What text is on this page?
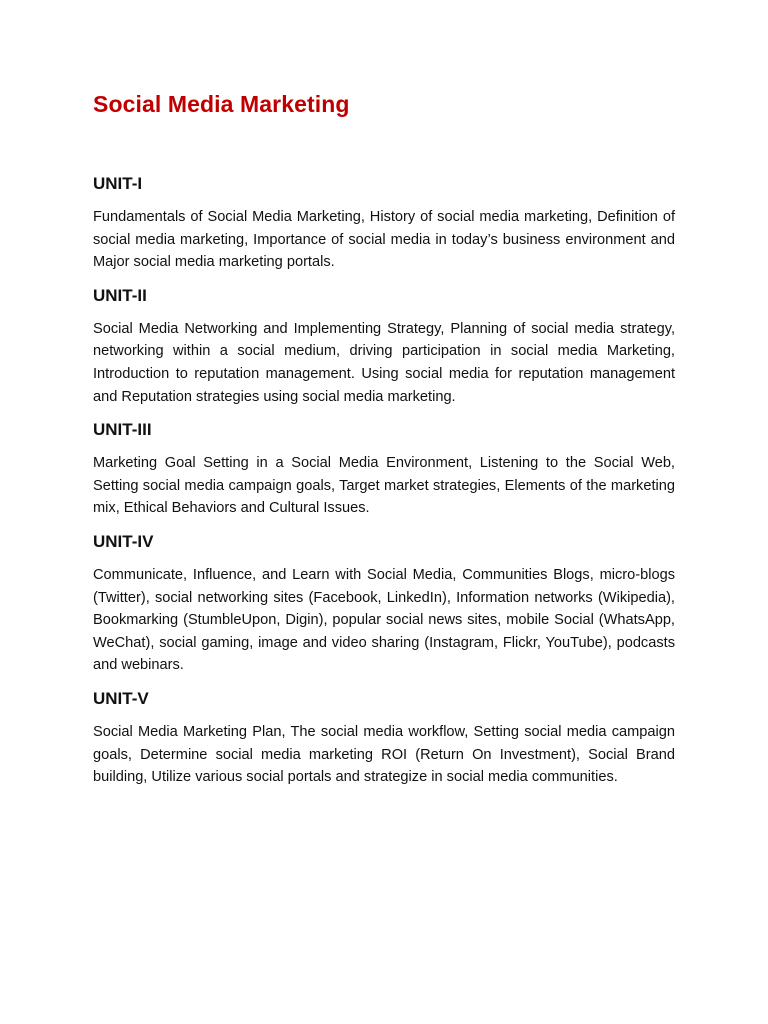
Social Media Marketing
UNIT-I

Fundamentals of Social Media Marketing, History of social media marketing, Definition of social media marketing, Importance of social media in today’s business environment and Major social media marketing portals.

UNIT-II

Social Media Networking and Implementing Strategy, Planning of social media strategy, networking within a social medium, driving participation in social media Marketing, Introduction to reputation management. Using social media for reputation management and Reputation strategies using social media marketing.

UNIT-III

Marketing Goal Setting in a Social Media Environment, Listening to the Social Web, Setting social media campaign goals, Target market strategies, Elements of the marketing mix, Ethical Behaviors and Cultural Issues.

UNIT-IV

Communicate, Influence, and Learn with Social Media, Communities Blogs, micro-blogs (Twitter), social networking sites (Facebook, LinkedIn), Information networks (Wikipedia), Bookmarking (StumbleUpon, Digin), popular social news sites, mobile Social (WhatsApp, WeChat), social gaming, image and video sharing (Instagram, Flickr, YouTube), podcasts and webinars.

UNIT-V

Social Media Marketing Plan, The social media workflow, Setting social media campaign goals, Determine social media marketing ROI (Return On Investment), Social Brand building, Utilize various social portals and strategize in social media communities.
